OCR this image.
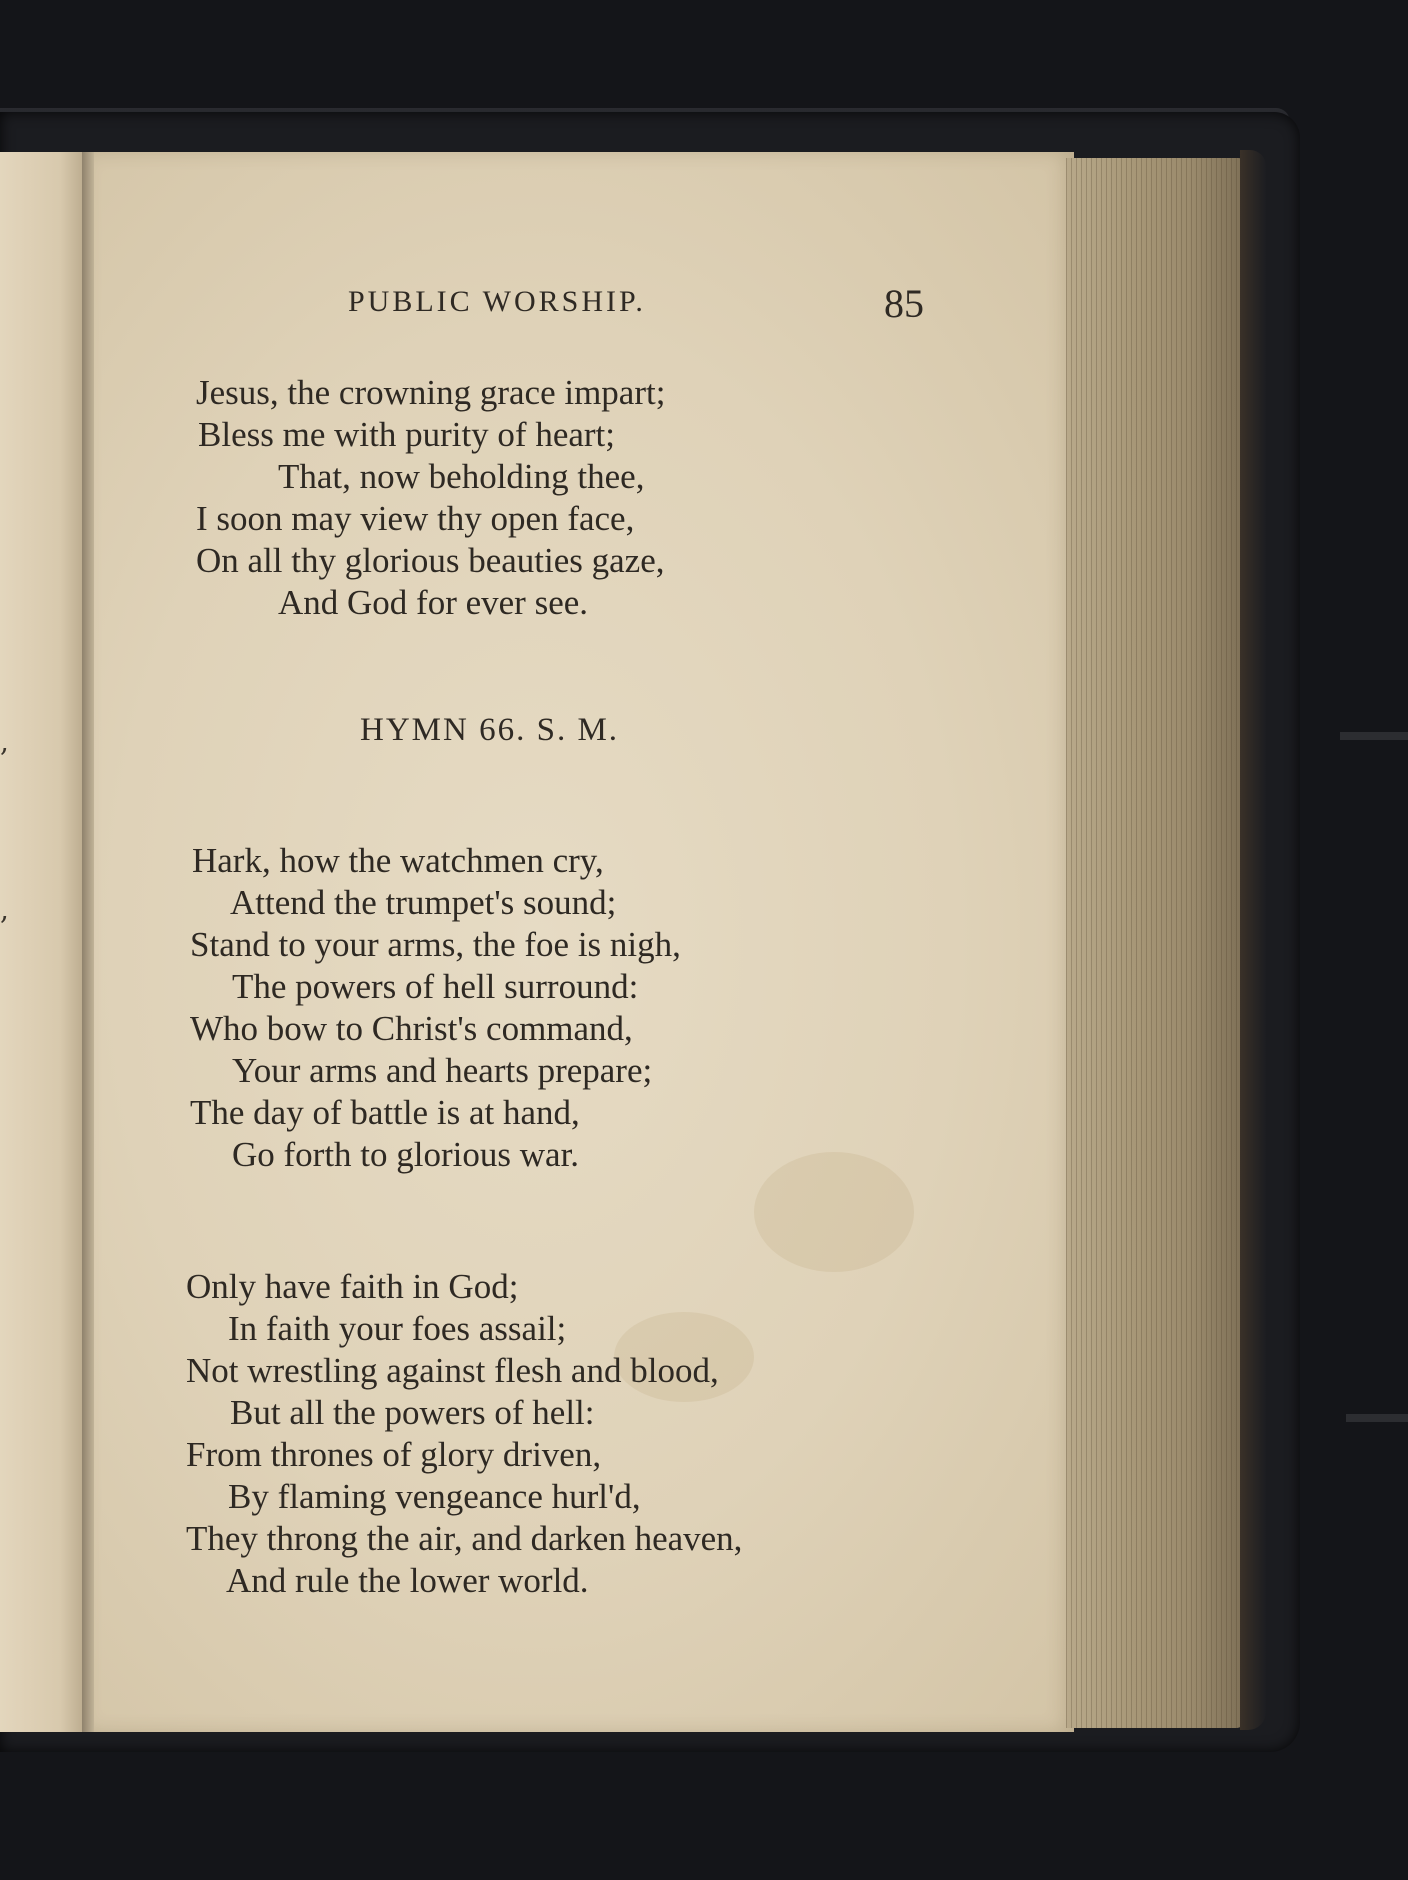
,
,
PUBLIC WORSHIP.	85
Jesus, the crowning grace impart;
Bless me with purity of heart;
That, now beholding thee,
I soon may view thy open face,
On all thy glorious beauties gaze,
And God for ever see.
HYMN 66. S. M.
Hark, how the watchmen cry,
Attend the trumpet's sound;
Stand to your arms, the foe is nigh,
The powers of hell surround:
Who bow to Christ's command,
Your arms and hearts prepare;
The day of battle is at hand,
Go forth to glorious war.
Only have faith in God;
In faith your foes assail;
Not wrestling against flesh and blood,
But all the powers of hell:
From thrones of glory driven,
By flaming vengeance hurl'd,
They throng the air, and darken heaven,
And rule the lower world.
